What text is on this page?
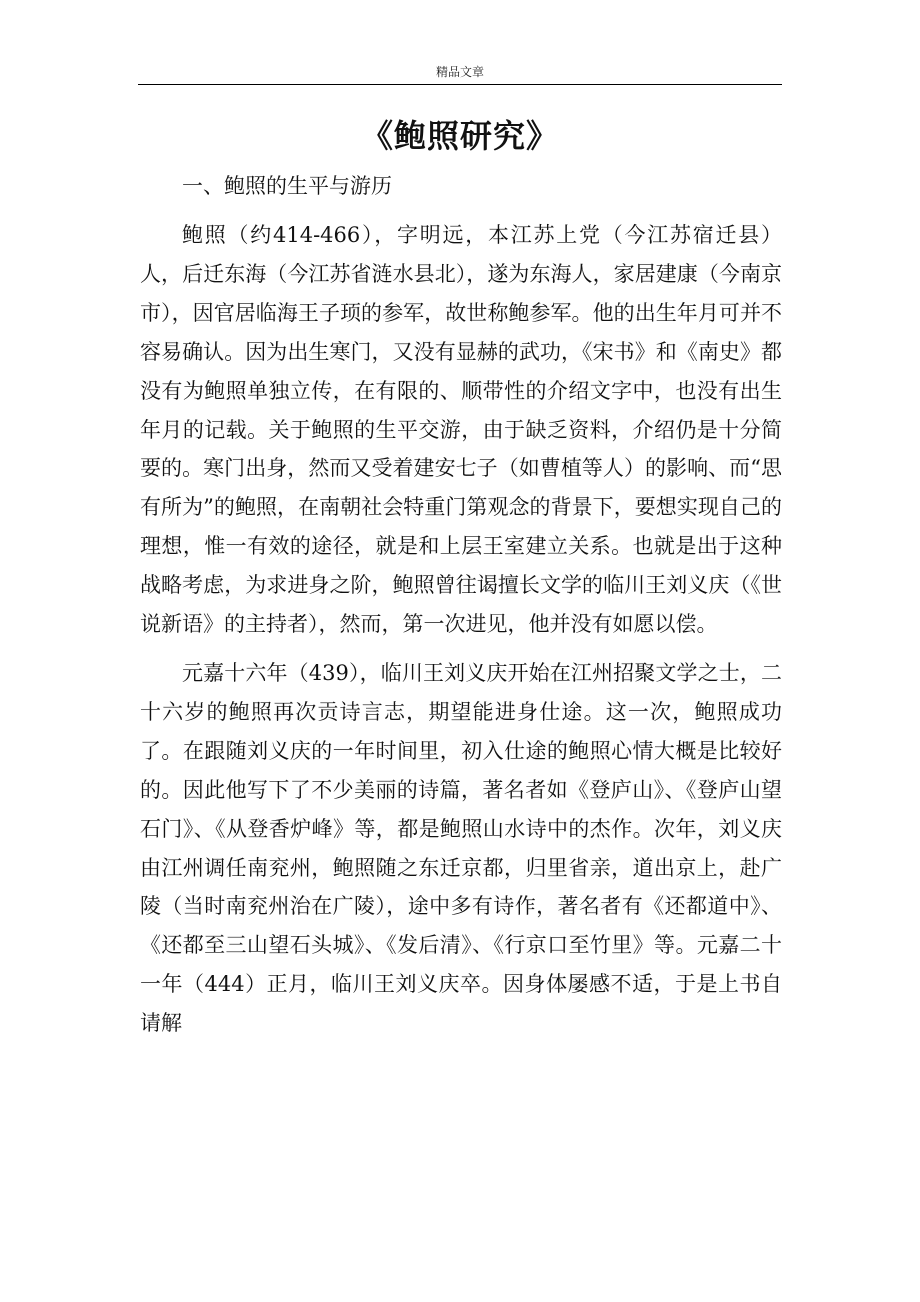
精品文章
《鲍照研究》
一、鲍照的生平与游历

鲍照（约414-466），字明远，本江苏上党（今江苏宿迁县）人，后迁东海（今江苏省涟水县北），遂为东海人，家居建康（今南京市），因官居临海王子顼的参军，故世称鲍参军。他的出生年月可并不容易确认。因为出生寒门，又没有显赫的武功，《宋书》和《南史》都没有为鲍照单独立传，在有限的、顺带性的介绍文字中，也没有出生年月的记载。关于鲍照的生平交游，由于缺乏资料，介绍仍是十分简要的。寒门出身，然而又受着建安七子（如曹植等人）的影响、而“思有所为”的鲍照，在南朝社会特重门第观念的背景下，要想实现自己的理想，惟一有效的途径，就是和上层王室建立关系。也就是出于这种战略考虑，为求进身之阶，鲍照曾往谒擅长文学的临川王刘义庆（《世说新语》的主持者），然而，第一次进见，他并没有如愿以偿。

元嘉十六年（439），临川王刘义庆开始在江州招聚文学之士，二十六岁的鲍照再次贡诗言志，期望能进身仕途。这一次，鲍照成功了。在跟随刘义庆的一年时间里，初入仕途的鲍照心情大概是比较好的。因此他写下了不少美丽的诗篇，著名者如《登庐山》、《登庐山望石门》、《从登香炉峰》等，都是鲍照山水诗中的杰作。次年，刘义庆由江州调任南兖州，鲍照随之东迁京都，归里省亲，道出京上，赴广陵（当时南兖州治在广陵），途中多有诗作，著名者有《还都道中》、《还都至三山望石头城》、《发后清》、《行京口至竹里》等。元嘉二十一年（444）正月，临川王刘义庆卒。因身体屡感不适，于是上书自请解
